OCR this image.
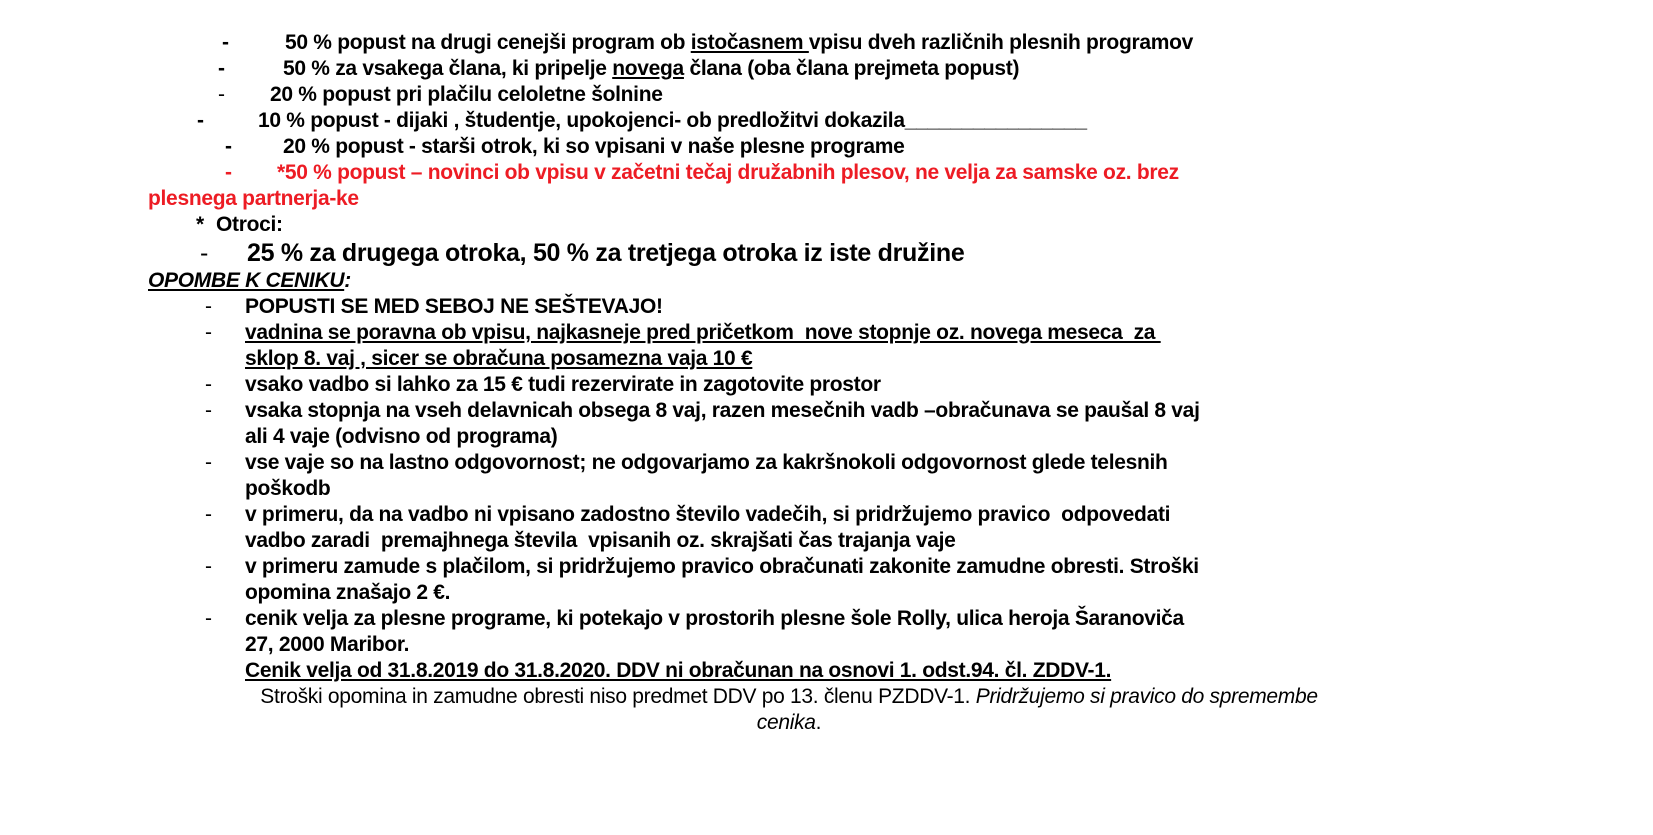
-	50 % popust na drugi cenejši program ob istočasnem vpisu dveh različnih plesnih programov
-	50 % za vsakega člana, ki pripelje novega člana (oba člana prejmeta popust)
- 20 % popust pri plačilu celoletne šolnine
-	10 % popust - dijaki , študentje, upokojenci- ob predložitvi dokazila________________
- 20 % popust - starši otrok, ki so vpisani v naše plesne programe
- *50 % popust – novinci ob vpisu v začetni tečaj družabnih plesov, ne velja za samske oz. brez
plesnega partnerja-ke
* Otroci:
- 25 % za drugega otroka, 50 % za tretjega otroka iz iste družine
OPOMBE K CENIKU:
- POPUSTI SE MED SEBOJ NE SEŠTEVAJO!
- vadnina se poravna ob vpisu, najkasneje pred pričetkom  nove stopnje oz. novega meseca  za
sklop 8. vaj , sicer se obračuna posamezna vaja 10 €
- vsako vadbo si lahko za 15 € tudi rezervirate in zagotovite prostor
- vsaka stopnja na vseh delavnicah obsega 8 vaj, razen mesečnih vadb –obračunava se paušal 8 vaj
ali 4 vaje (odvisno od programa)
- vse vaje so na lastno odgovornost; ne odgovarjamo za kakršnokoli odgovornost glede telesnih
poškodb
- v primeru, da na vadbo ni vpisano zadostno število vadečih, si pridržujemo pravico  odpovedati
vadbo zaradi  premajhnega števila  vpisanih oz. skrajšati čas trajanja vaje
- v primeru zamude s plačilom, si pridržujemo pravico obračunati zakonite zamudne obresti. Stroški
opomina znašajo 2 €.
- cenik velja za plesne programe, ki potekajo v prostorih plesne šole Rolly, ulica heroja Šaranoviča
27, 2000 Maribor.
Cenik velja od 31.8.2019 do 31.8.2020. DDV ni obračunan na osnovi 1. odst.94. čl. ZDDV-1.
Stroški opomina in zamudne obresti niso predmet DDV po 13. členu PZDDV-1. Pridržujemo si pravico do spremembe
cenika.
